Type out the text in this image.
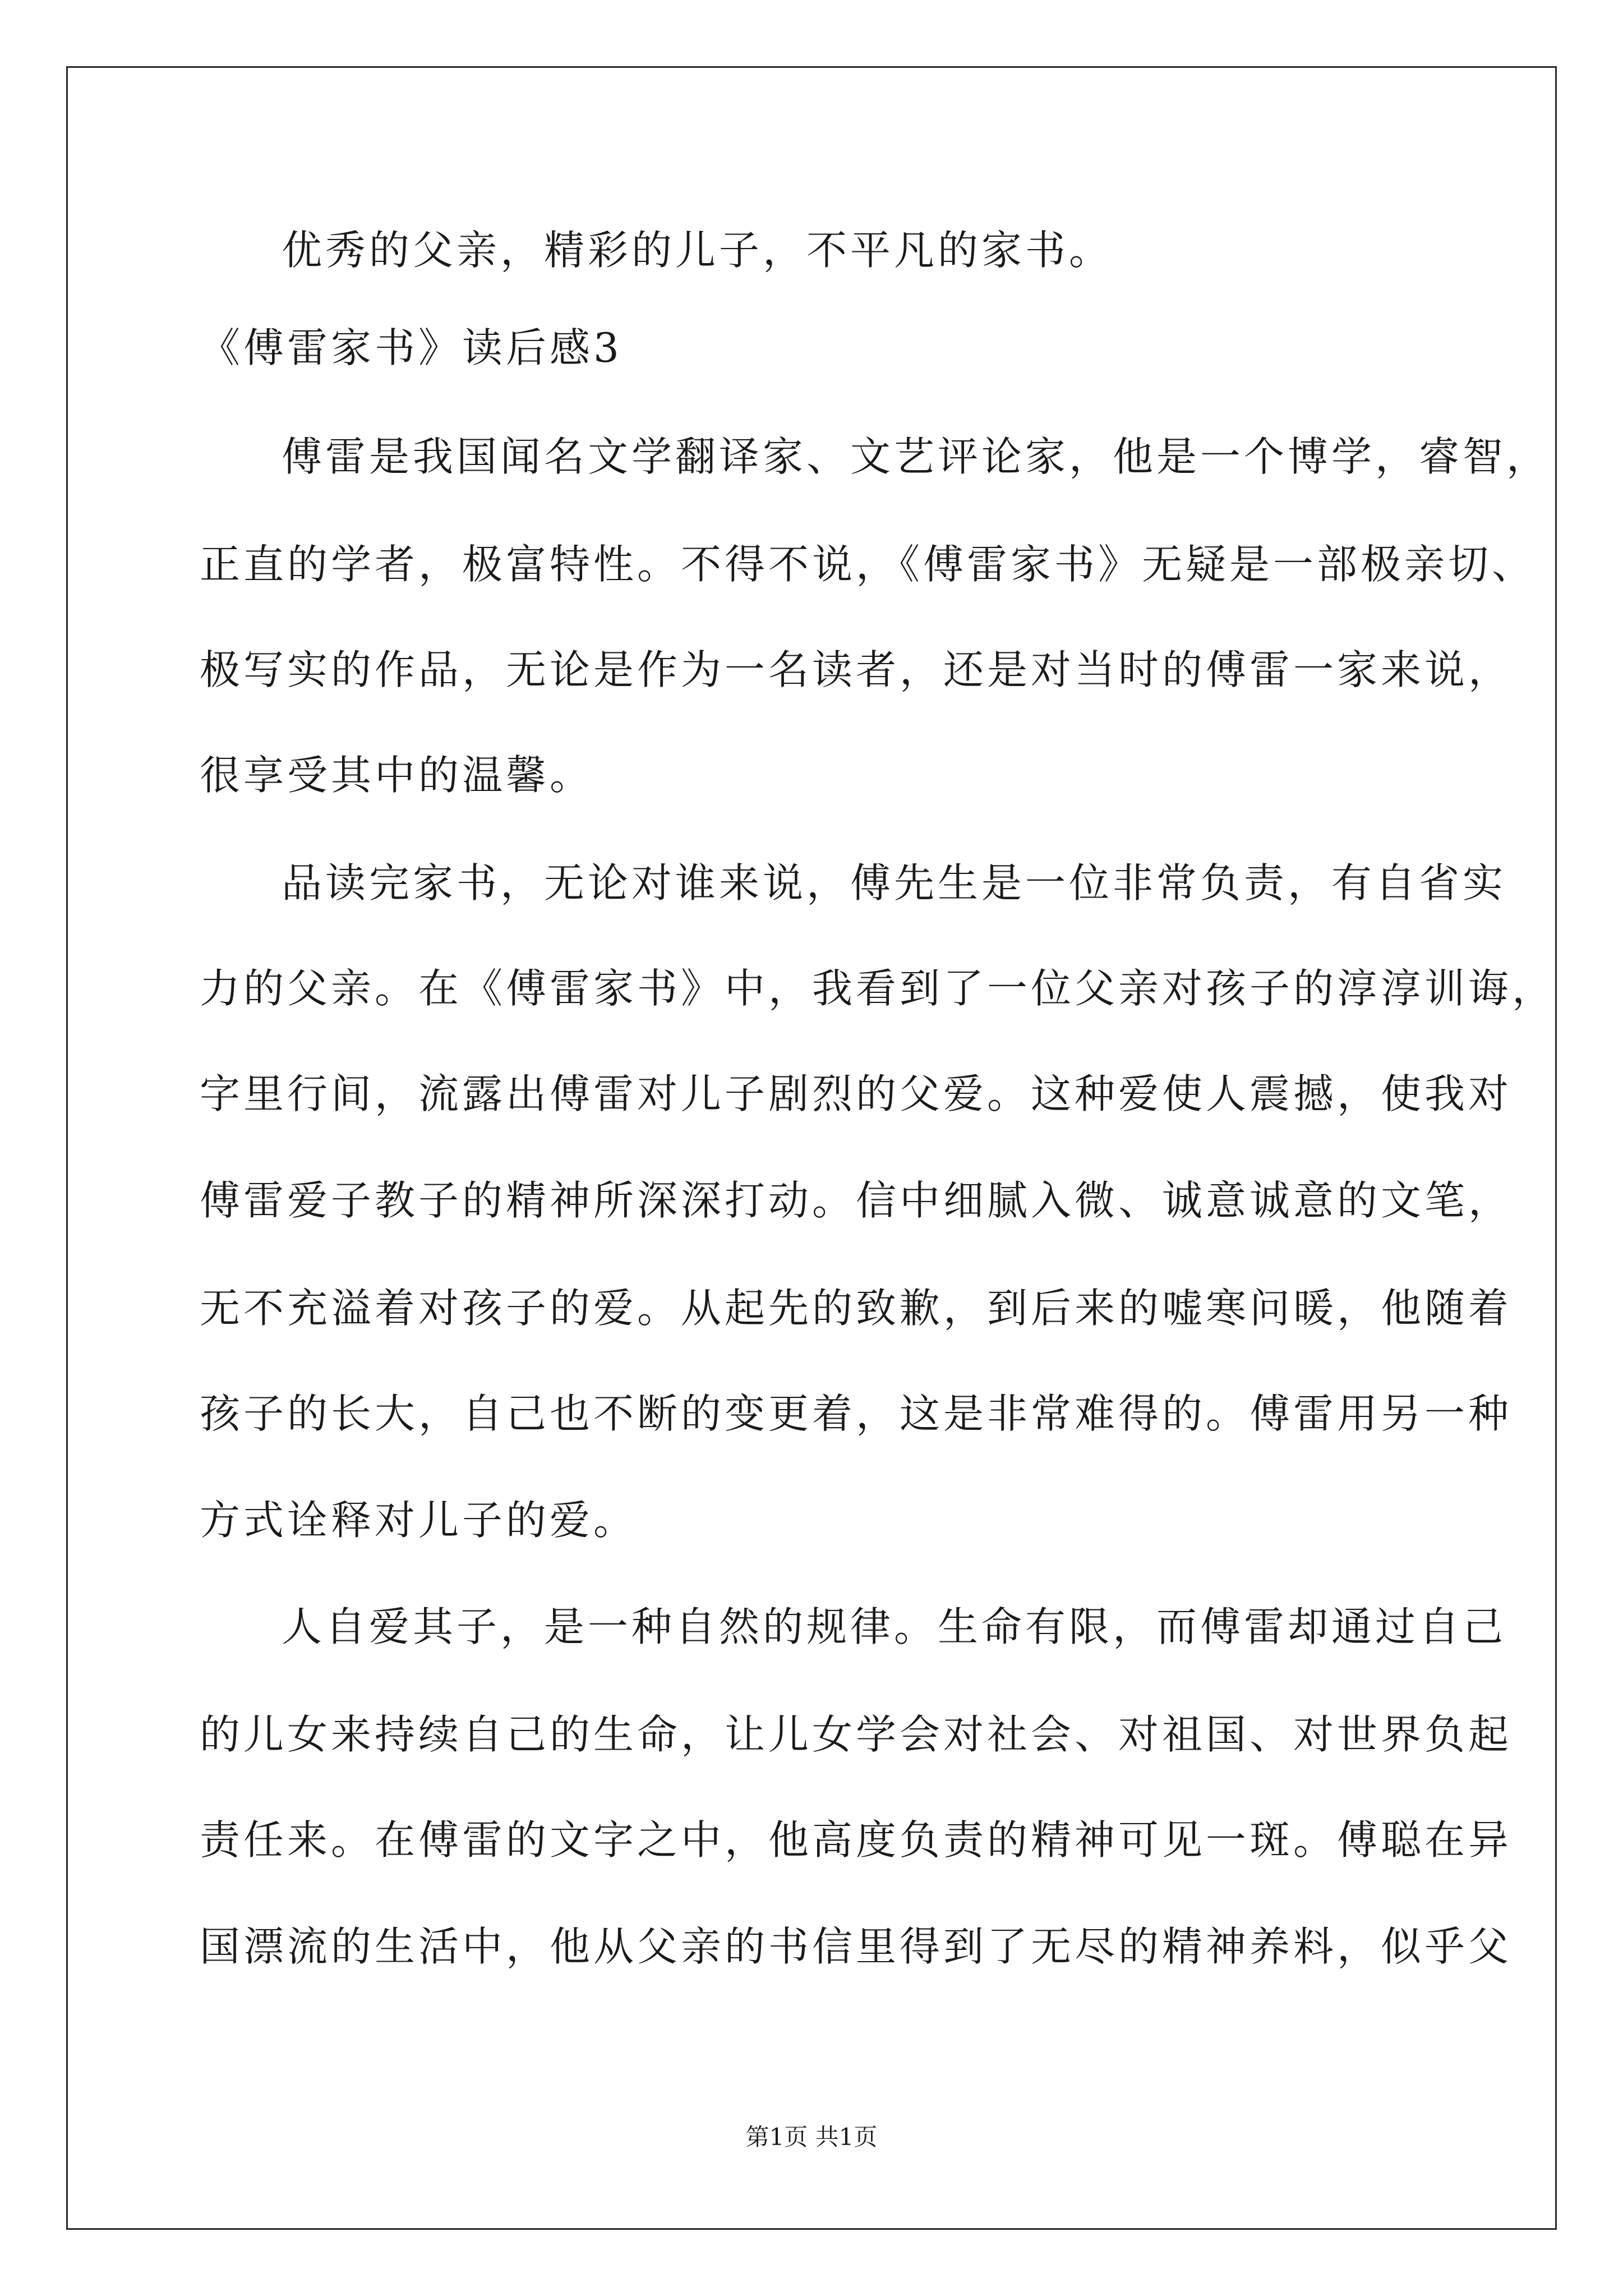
优秀的父亲，精彩的儿子，不平凡的家书。
《傅雷家书》读后感3
傅雷是我国闻名文学翻译家、文艺评论家，他是一个博学，睿智，
正直的学者，极富特性。不得不说，《傅雷家书》无疑是一部极亲切、
极写实的作品，无论是作为一名读者，还是对当时的傅雷一家来说，
很享受其中的温馨。
品读完家书，无论对谁来说，傅先生是一位非常负责，有自省实
力的父亲。在《傅雷家书》中，我看到了一位父亲对孩子的淳淳训诲，
字里行间，流露出傅雷对儿子剧烈的父爱。这种爱使人震撼，使我对
傅雷爱子教子的精神所深深打动。信中细腻入微、诚意诚意的文笔，
无不充溢着对孩子的爱。从起先的致歉，到后来的嘘寒问暖，他随着
孩子的长大，自己也不断的变更着，这是非常难得的。傅雷用另一种
方式诠释对儿子的爱。
人自爱其子，是一种自然的规律。生命有限，而傅雷却通过自己
的儿女来持续自己的生命，让儿女学会对社会、对祖国、对世界负起
责任来。在傅雷的文字之中，他高度负责的精神可见一斑。傅聪在异
国漂流的生活中，他从父亲的书信里得到了无尽的精神养料，似乎父
第1页 共1页
